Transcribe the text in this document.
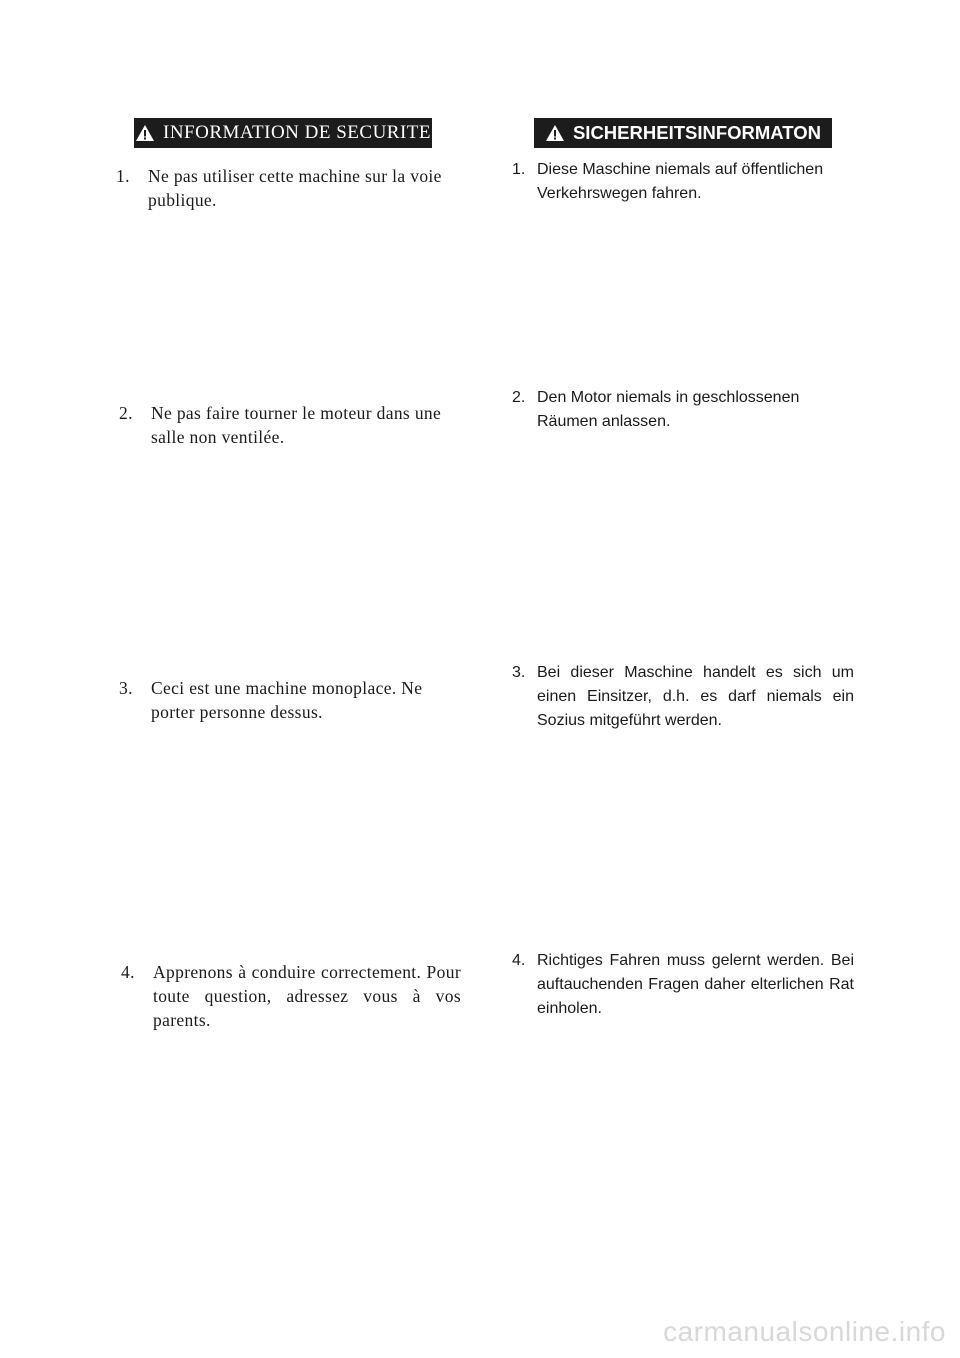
INFORMATION DE SECURITE	SICHERHEITSINFORMATON
1. Ne pas utiliser cette machine sur la voie publique.
2. Ne pas faire tourner le moteur dans une salle non ventilée.
3. Ceci est une machine monoplace. Ne porter personne dessus.
4. Apprenons à conduire correctement. Pour toute question, adressez vous à vos parents.
1. Diese Maschine niemals auf öffentlichen Verkehrswegen fahren.
2. Den Motor niemals in geschlossenen Räumen anlassen.
3. Bei dieser Maschine handelt es sich um einen Einsitzer, d.h. es darf niemals ein Sozius mitgeführt werden.
4. Richtiges Fahren muss gelernt werden. Bei auftauchenden Fragen daher elterlichen Rat einholen.
carmanualsonline.info
